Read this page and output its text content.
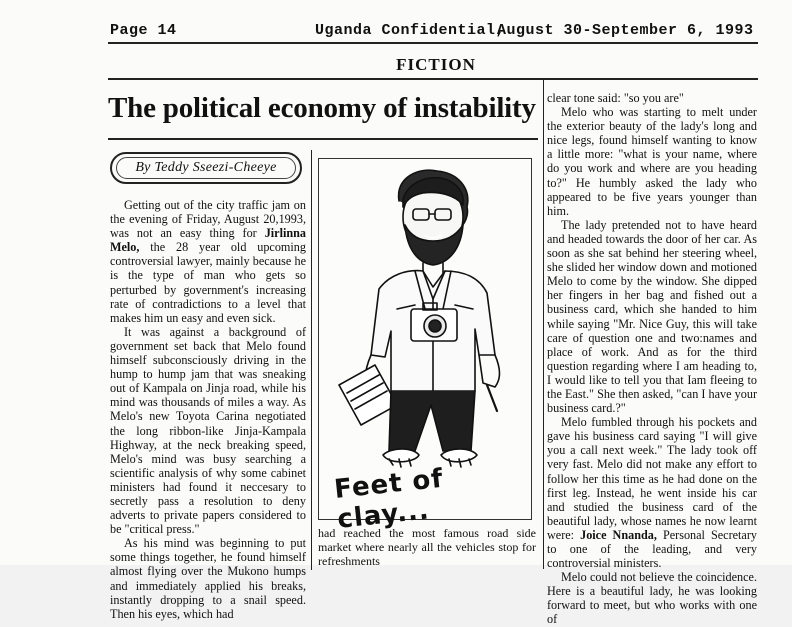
Page 14	Uganda Confidential,
August 30-September 6, 1993
FICTION
The political economy of instability
By Teddy Sseezi-Cheeye

Getting out of the city traffic jam on the evening of Friday, August 20,1993, was not an easy thing for Jirlinna Melo, the 28 year old upcoming controversial lawyer, mainly because he is the type of man who gets so perturbed by government's increasing rate of contradictions to a level that makes him un easy and even sick.

It was against a background of government set back that Melo found himself subconsciously driving in the hump to hump jam that was sneaking out of Kampala on Jinja road, while his mind was thousands of miles a way. As Melo's new Toyota Carina negotiated the long ribbon-like Jinja-Kampala Highway, at the neck breaking speed, Melo's mind was busy searching a scientific analysis of why some cabinet ministers had found it neccesary to secretly pass a resolution to deny adverts to private papers considered to be "critical press."

As his mind was beginning to put some things together, he found himself almost flying over the Mukono humps and immediately applied his breaks, instantly dropping to a snail speed. Then his eyes, which had

Feet of clay...
had reached the most famous road side market where nearly all the vehicles stop for refreshments

clear tone said: "so you are"

Melo who was starting to melt under the exterior beauty of the lady's long and nice legs, found himself wanting to know a little more: "what is your name, where do you work and where are you heading to?" He humbly asked the lady who appeared to be five years younger than him.

The lady pretended not to have heard and headed towards the door of her car. As soon as she sat behind her steering wheel, she slided her window down and motioned Melo to come by the window. She dipped her fingers in her bag and fished out a business card, which she handed to him while saying "Mr. Nice Guy, this will take care of question one and two:names and place of work. And as for the third question regarding where I am heading to, I would like to tell you that Iam fleeing to the East." She then asked, "can I have your business card.?"

Melo fumbled through his pockets and gave his business card saying "I will give you a call next week." The lady took off very fast. Melo did not make any effort to follow her this time as he had done on the first leg. Instead, he went inside his car and studied the business card of the beautiful lady, whose names he now learnt were: Joice Nnanda, Personal Secretary to one of the leading, and very controversial ministers.

Melo could not believe the coincidence. Here is a beautiful lady, he was looking forward to meet, but who works with one of
